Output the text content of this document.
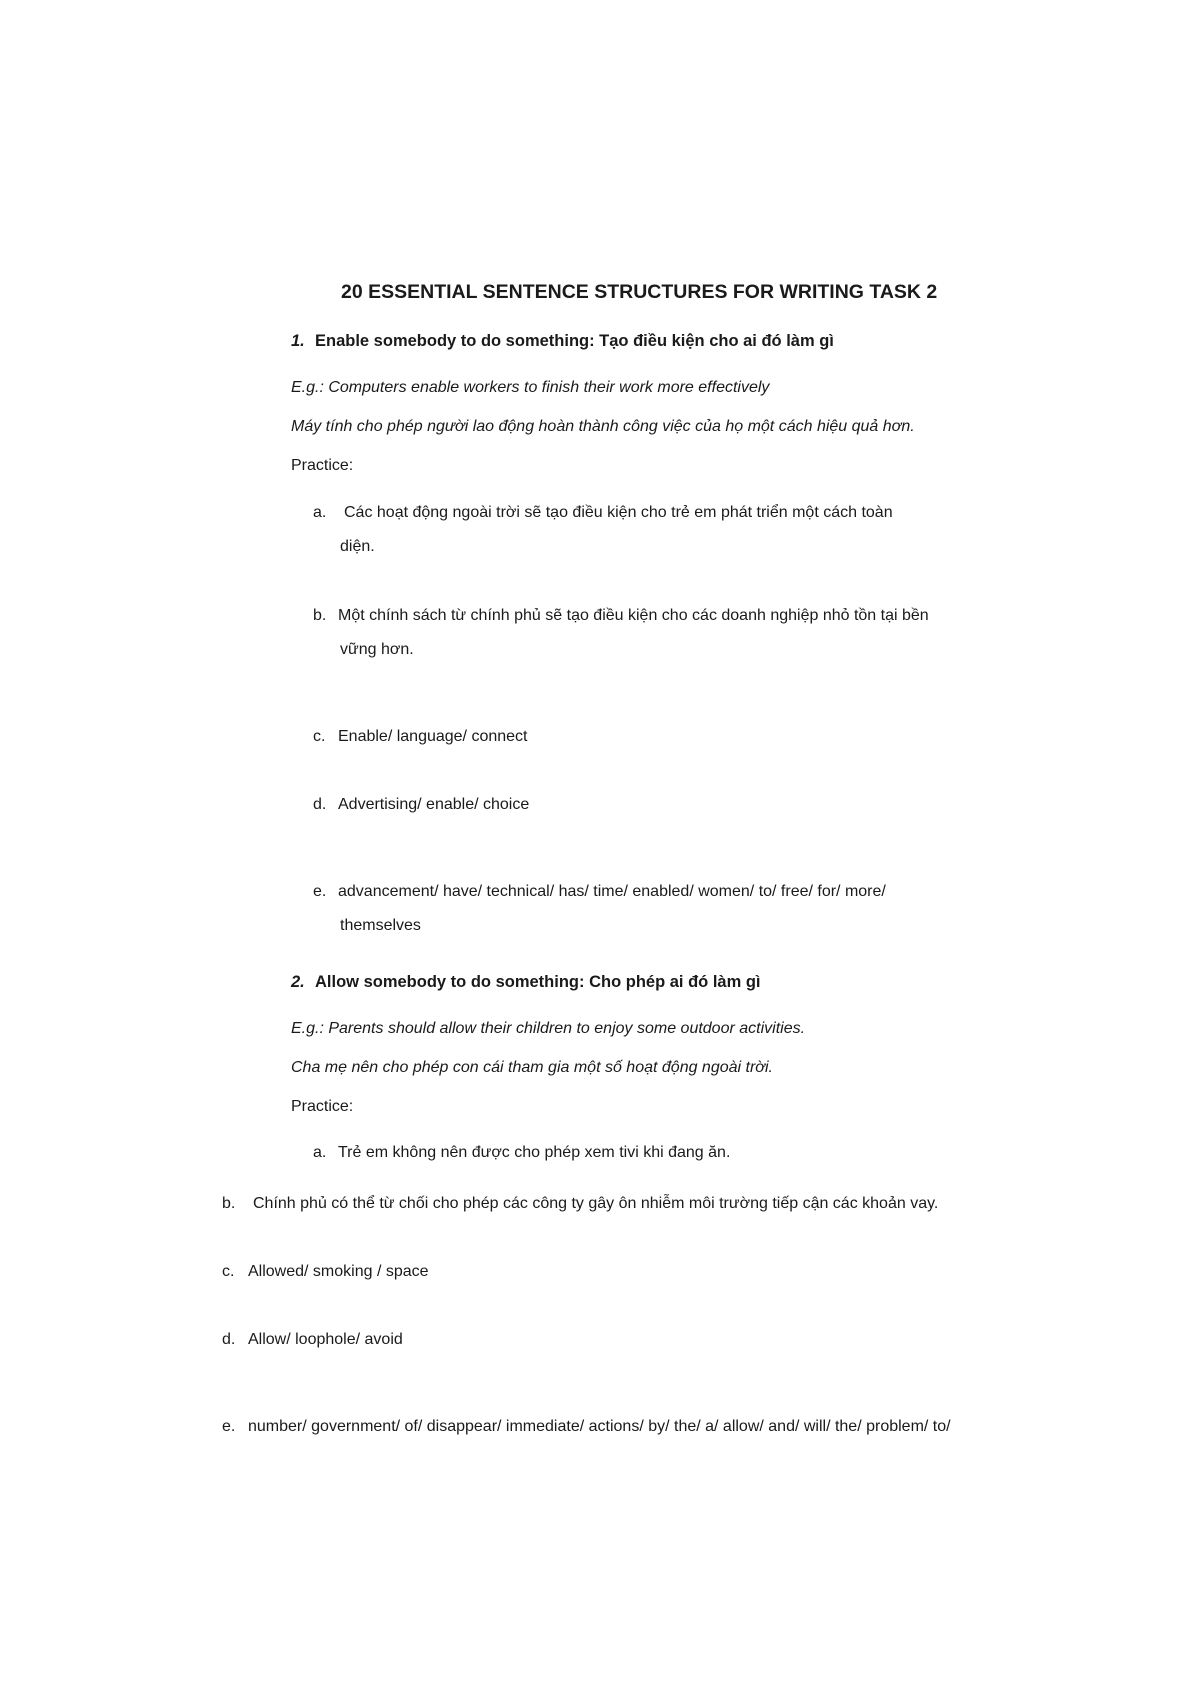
20 ESSENTIAL SENTENCE STRUCTURES FOR WRITING TASK 2
1. Enable somebody to do something: Tạo điều kiện cho ai đó làm gì
E.g.: Computers enable workers to finish their work more effectively
Máy tính cho phép người lao động hoàn thành công việc của họ một cách hiệu quả hơn.
Practice:
a. Các hoạt động ngoài trời sẽ tạo điều kiện cho trẻ em phát triển một cách toàn
diện.
b. Một chính sách từ chính phủ sẽ tạo điều kiện cho các doanh nghiệp nhỏ tồn tại bền
vững hơn.
c. Enable/ language/ connect
d. Advertising/ enable/ choice
e. advancement/ have/ technical/ has/ time/ enabled/ women/ to/ free/ for/ more/
themselves
2. Allow somebody to do something: Cho phép ai đó làm gì
E.g.: Parents should allow their children to enjoy some outdoor activities.
Cha mẹ nên cho phép con cái tham gia một số hoạt động ngoài trời.
Practice:
a. Trẻ em không nên được cho phép xem tivi khi đang ăn.
b. Chính phủ có thể từ chối cho phép các công ty gây ôn nhiễm môi trường tiếp cận các khoản vay.
c. Allowed/ smoking / space
d. Allow/ loophole/ avoid
e. number/ government/ of/ disappear/ immediate/ actions/ by/ the/ a/ allow/ and/ will/ the/ problem/ to/
